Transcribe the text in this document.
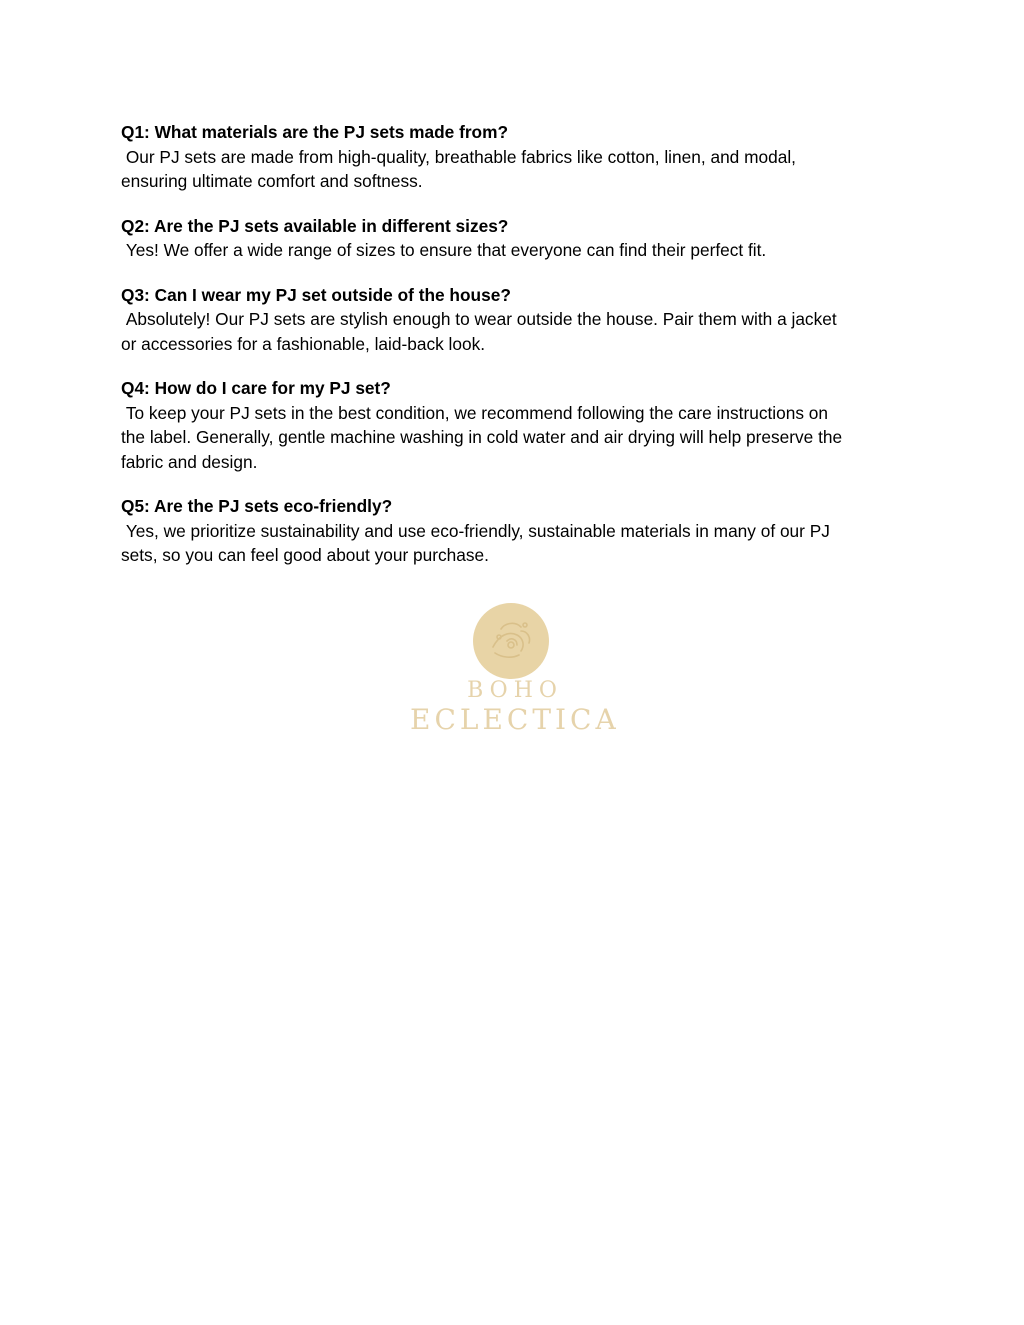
Q1: What materials are the PJ sets made from?

Our PJ sets are made from high-quality, breathable fabrics like cotton, linen, and modal,
ensuring ultimate comfort and softness.

Q2: Are the PJ sets available in different sizes?

Yes! We offer a wide range of sizes to ensure that everyone can find their perfect fit.

Q3: Can I wear my PJ set outside of the house?

Absolutely! Our PJ sets are stylish enough to wear outside the house. Pair them with a jacket
or accessories for a fashionable, laid-back look.

Q4: How do I care for my PJ set?

To keep your PJ sets in the best condition, we recommend following the care instructions on
the label. Generally, gentle machine washing in cold water and air drying will help preserve the
fabric and design.

Q5: Are the PJ sets eco-friendly?

Yes, we prioritize sustainability and use eco-friendly, sustainable materials in many of our PJ
sets, so you can feel good about your purchase.

BOHO
ECLECTICA
